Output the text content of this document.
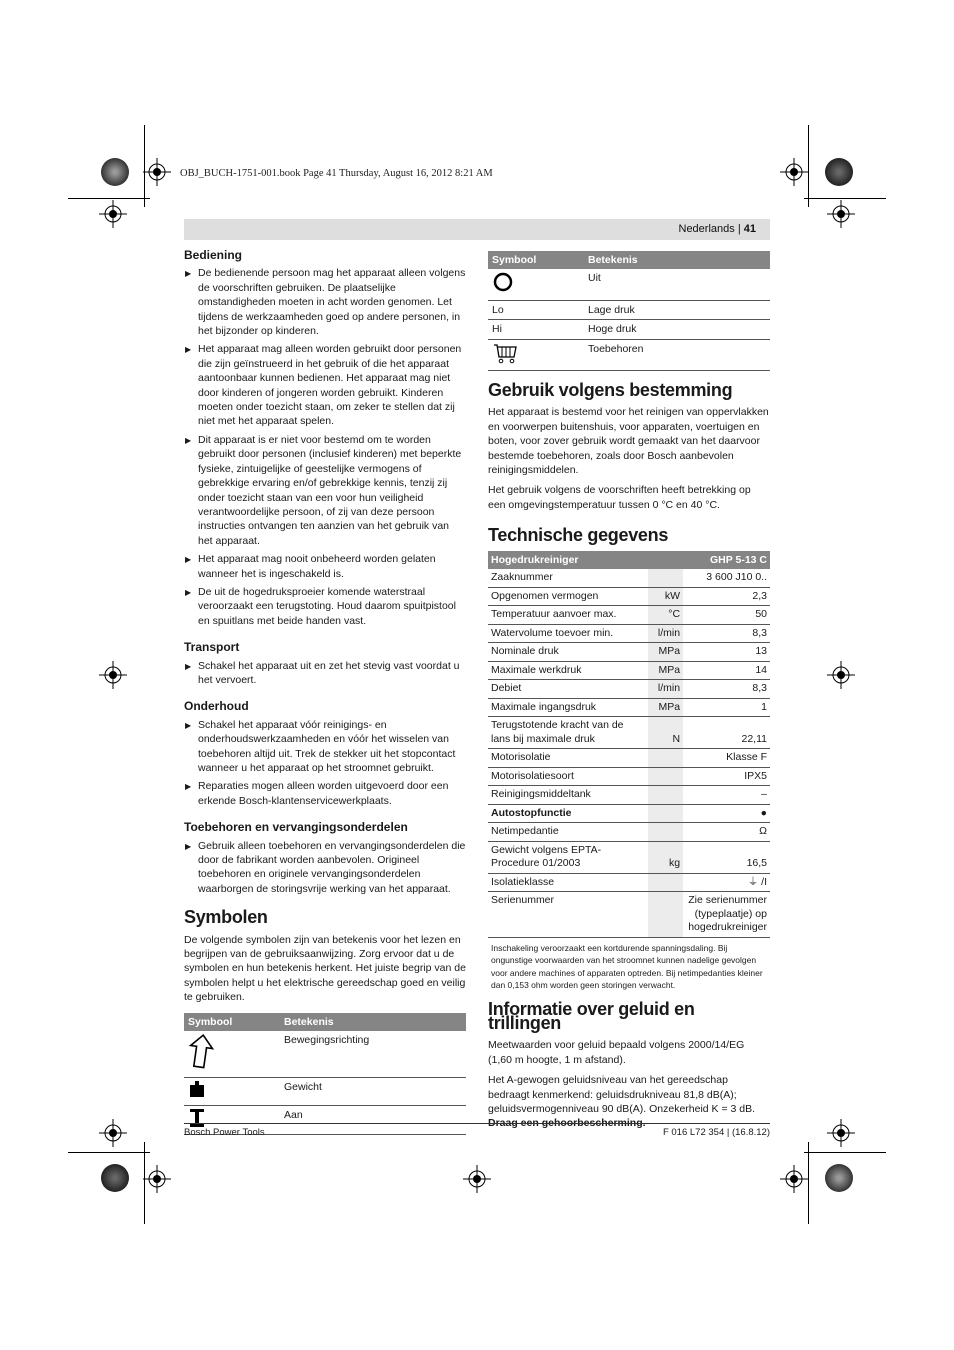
OBJ_BUCH-1751-001.book Page 41 Thursday, August 16, 2012 8:21 AM
Nederlands | 41
Bediening
▶ De bedienende persoon mag het apparaat alleen volgens de voorschriften gebruiken. De plaatselijke omstandigheden moeten in acht worden genomen. Let tijdens de werkzaamheden goed op andere personen, in het bijzonder op kinderen.
▶ Het apparaat mag alleen worden gebruikt door personen die zijn geïnstrueerd in het gebruik of die het apparaat aantoonbaar kunnen bedienen. Het apparaat mag niet door kinderen of jongeren worden gebruikt. Kinderen moeten onder toezicht staan, om zeker te stellen dat zij niet met het apparaat spelen.
▶ Dit apparaat is er niet voor bestemd om te worden gebruikt door personen (inclusief kinderen) met beperkte fysieke, zintuigelijke of geestelijke vermogens of gebrekkige ervaring en/of gebrekkige kennis, tenzij zij onder toezicht staan van een voor hun veiligheid verantwoordelijke persoon, of zij van deze persoon instructies ontvangen ten aanzien van het gebruik van het apparaat.
▶ Het apparaat mag nooit onbeheerd worden gelaten wanneer het is ingeschakeld is.
▶ De uit de hogedruksproeier komende waterstraal veroorzaakt een terugstoting. Houd daarom spuitpistool en spuitlans met beide handen vast.
Transport
▶ Schakel het apparaat uit en zet het stevig vast voordat u het vervoert.
Onderhoud
▶ Schakel het apparaat vóór reinigings- en onderhoudswerkzaamheden en vóór het wisselen van toebehoren altijd uit. Trek de stekker uit het stopcontact wanneer u het apparaat op het stroomnet gebruikt.
▶ Reparaties mogen alleen worden uitgevoerd door een erkende Bosch-klantenservicewerkplaats.
Toebehoren en vervangingsonderdelen
▶ Gebruik alleen toebehoren en vervangingsonderdelen die door de fabrikant worden aanbevolen. Origineel toebehoren en originele vervangingsonderdelen waarborgen de storingsvrije werking van het apparaat.
Symbolen

De volgende symbolen zijn van betekenis voor het lezen en begrijpen van de gebruiksaanwijzing. Zorg ervoor dat u de symbolen en hun betekenis herkent. Het juiste begrip van de symbolen helpt u het elektrische gereedschap goed en veilig te gebruiken.

Symbool	Betekenis
	Bewegingsrichting
	Gewicht
	Aan
Symbool	Betekenis
	Uit
Lo	Lage druk
Hi	Hoge druk
	Toebehoren
Gebruik volgens bestemming

Het apparaat is bestemd voor het reinigen van oppervlakken en voorwerpen buitenshuis, voor apparaten, voertuigen en boten, voor zover gebruik wordt gemaakt van het daarvoor bestemde toebehoren, zoals door Bosch aanbevolen reinigingsmiddelen.

Het gebruik volgens de voorschriften heeft betrekking op een omgevingstemperatuur tussen 0 °C en 40 °C.

Technische gegevens
Hogedrukreiniger		GHP 5-13 C
Zaaknummer		3 600 J10 0..
Opgenomen vermogen	kW	2,3
Temperatuur aanvoer max.	°C	50
Watervolume toevoer min.	l/min	8,3
Nominale druk	MPa	13
Maximale werkdruk	MPa	14
Debiet	l/min	8,3
Maximale ingangsdruk	MPa	1
Terugstotende kracht van de lans bij maximale druk	N	22,11
Motorisolatie		Klasse F
Motorisolatiesoort		IPX5
Reinigingsmiddeltank		–
Autostopfunctie		●
Netimpedantie		Ω
Gewicht volgens EPTA-Procedure 01/2003	kg	16,5
Isolatieklasse		⏚ /I
Serienummer		Zie serienummer (typeplaatje) op hogedrukreiniger
Inschakeling veroorzaakt een kortdurende spanningsdaling. Bij ongunstige voorwaarden van het stroomnet kunnen nadelige gevolgen voor andere machines of apparaten optreden. Bij netimpedanties kleiner dan 0,153 ohm worden geen storingen verwacht.
Informatie over geluid en trillingen

Meetwaarden voor geluid bepaald volgens 2000/14/EG (1,60 m hoogte, 1 m afstand).

Het A-gewogen geluidsniveau van het gereedschap bedraagt kenmerkend: geluidsdrukniveau 81,8 dB(A); geluidsvermogenniveau 90 dB(A). Onzekerheid K = 3 dB.

Draag een gehoorbescherming.

Bosch Power Tools	F 016 L72 354 | (16.8.12)
